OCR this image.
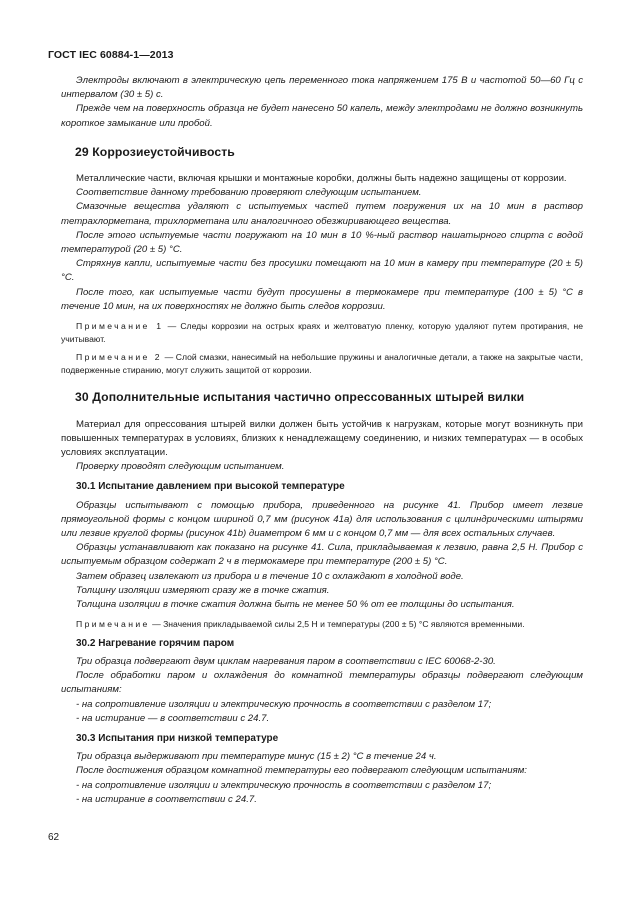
ГОСТ IEC 60884-1—2013

Электроды включают в электрическую цепь переменного тока напряжением 175 В и частотой 50—60 Гц с интервалом (30 ± 5) с.

Прежде чем на поверхность образца не будет нанесено 50 капель, между электродами не должно возникнуть короткое замыкание или пробой.

29 Коррозиеустойчивость

Металлические части, включая крышки и монтажные коробки, должны быть надежно защищены от коррозии.

Соответствие данному требованию проверяют следующим испытанием.

Смазочные вещества удаляют с испытуемых частей путем погружения их на 10 мин в раствор тетрахлорметана, трихлорметана или аналогичного обезжиривающего вещества.

После этого испытуемые части погружают на 10 мин в 10 %-ный раствор нашатырного спирта с водой температурой (20 ± 5) °С.

Стряхнув капли, испытуемые части без просушки помещают на 10 мин в камеру при температуре (20 ± 5) °С.

После того, как испытуемые части будут просушены в термокамере при температуре (100 ± 5) °С в течение 10 мин, на их поверхностях не должно быть следов коррозии.

Примечание 1 — Следы коррозии на острых краях и желтоватую пленку, которую удаляют путем протирания, не учитывают.

Примечание 2 — Слой смазки, нанесимый на небольшие пружины и аналогичные детали, а также на закрытые части, подверженные стиранию, могут служить защитой от коррозии.

30 Дополнительные испытания частично опрессованных штырей вилки

Материал для опрессования штырей вилки должен быть устойчив к нагрузкам, которые могут возникнуть при повышенных температурах в условиях, близких к ненадлежащему соединению, и низких температурах — в особых условиях эксплуатации.

Проверку проводят следующим испытанием.

30.1 Испытание давлением при высокой температуре

Образцы испытывают с помощью прибора, приведенного на рисунке 41. Прибор имеет лезвие прямоугольной формы с концом шириной 0,7 мм (рисунок 41а) для использования с цилиндрическими штырями или лезвие круглой формы (рисунок 41b) диаметром 6 мм и с концом 0,7 мм — для всех остальных случаев.

Образцы устанавливают как показано на рисунке 41. Сила, прикладываемая к лезвию, равна 2,5 Н. Прибор с испытуемым образцом содержат 2 ч в термокамере при температуре (200 ± 5) °С.

Затем образец извлекают из прибора и в течение 10 с охлаждают в холодной воде.

Толщину изоляции измеряют сразу же в точке сжатия.

Толщина изоляции в точке сжатия должна быть не менее 50 % от ее толщины до испытания.

Примечание — Значения прикладываемой силы 2,5 Н и температуры (200 ± 5) °С являются временными.

30.2 Нагревание горячим паром

Три образца подвергают двум циклам нагревания паром в соответствии с IEC 60068-2-30.

После обработки паром и охлаждения до комнатной температуры образцы подвергают следующим испытаниям:

- на сопротивление изоляции и электрическую прочность в соответствии с разделом 17;

- на истирание — в соответствии с 24.7.

30.3 Испытания при низкой температуре

Три образца выдерживают при температуре минус (15 ± 2) °С в течение 24 ч.

После достижения образцом комнатной температуры его подвергают следующим испытаниям:

- на сопротивление изоляции и электрическую прочность в соответствии с разделом 17;

- на истирание в соответствии с 24.7.

62
